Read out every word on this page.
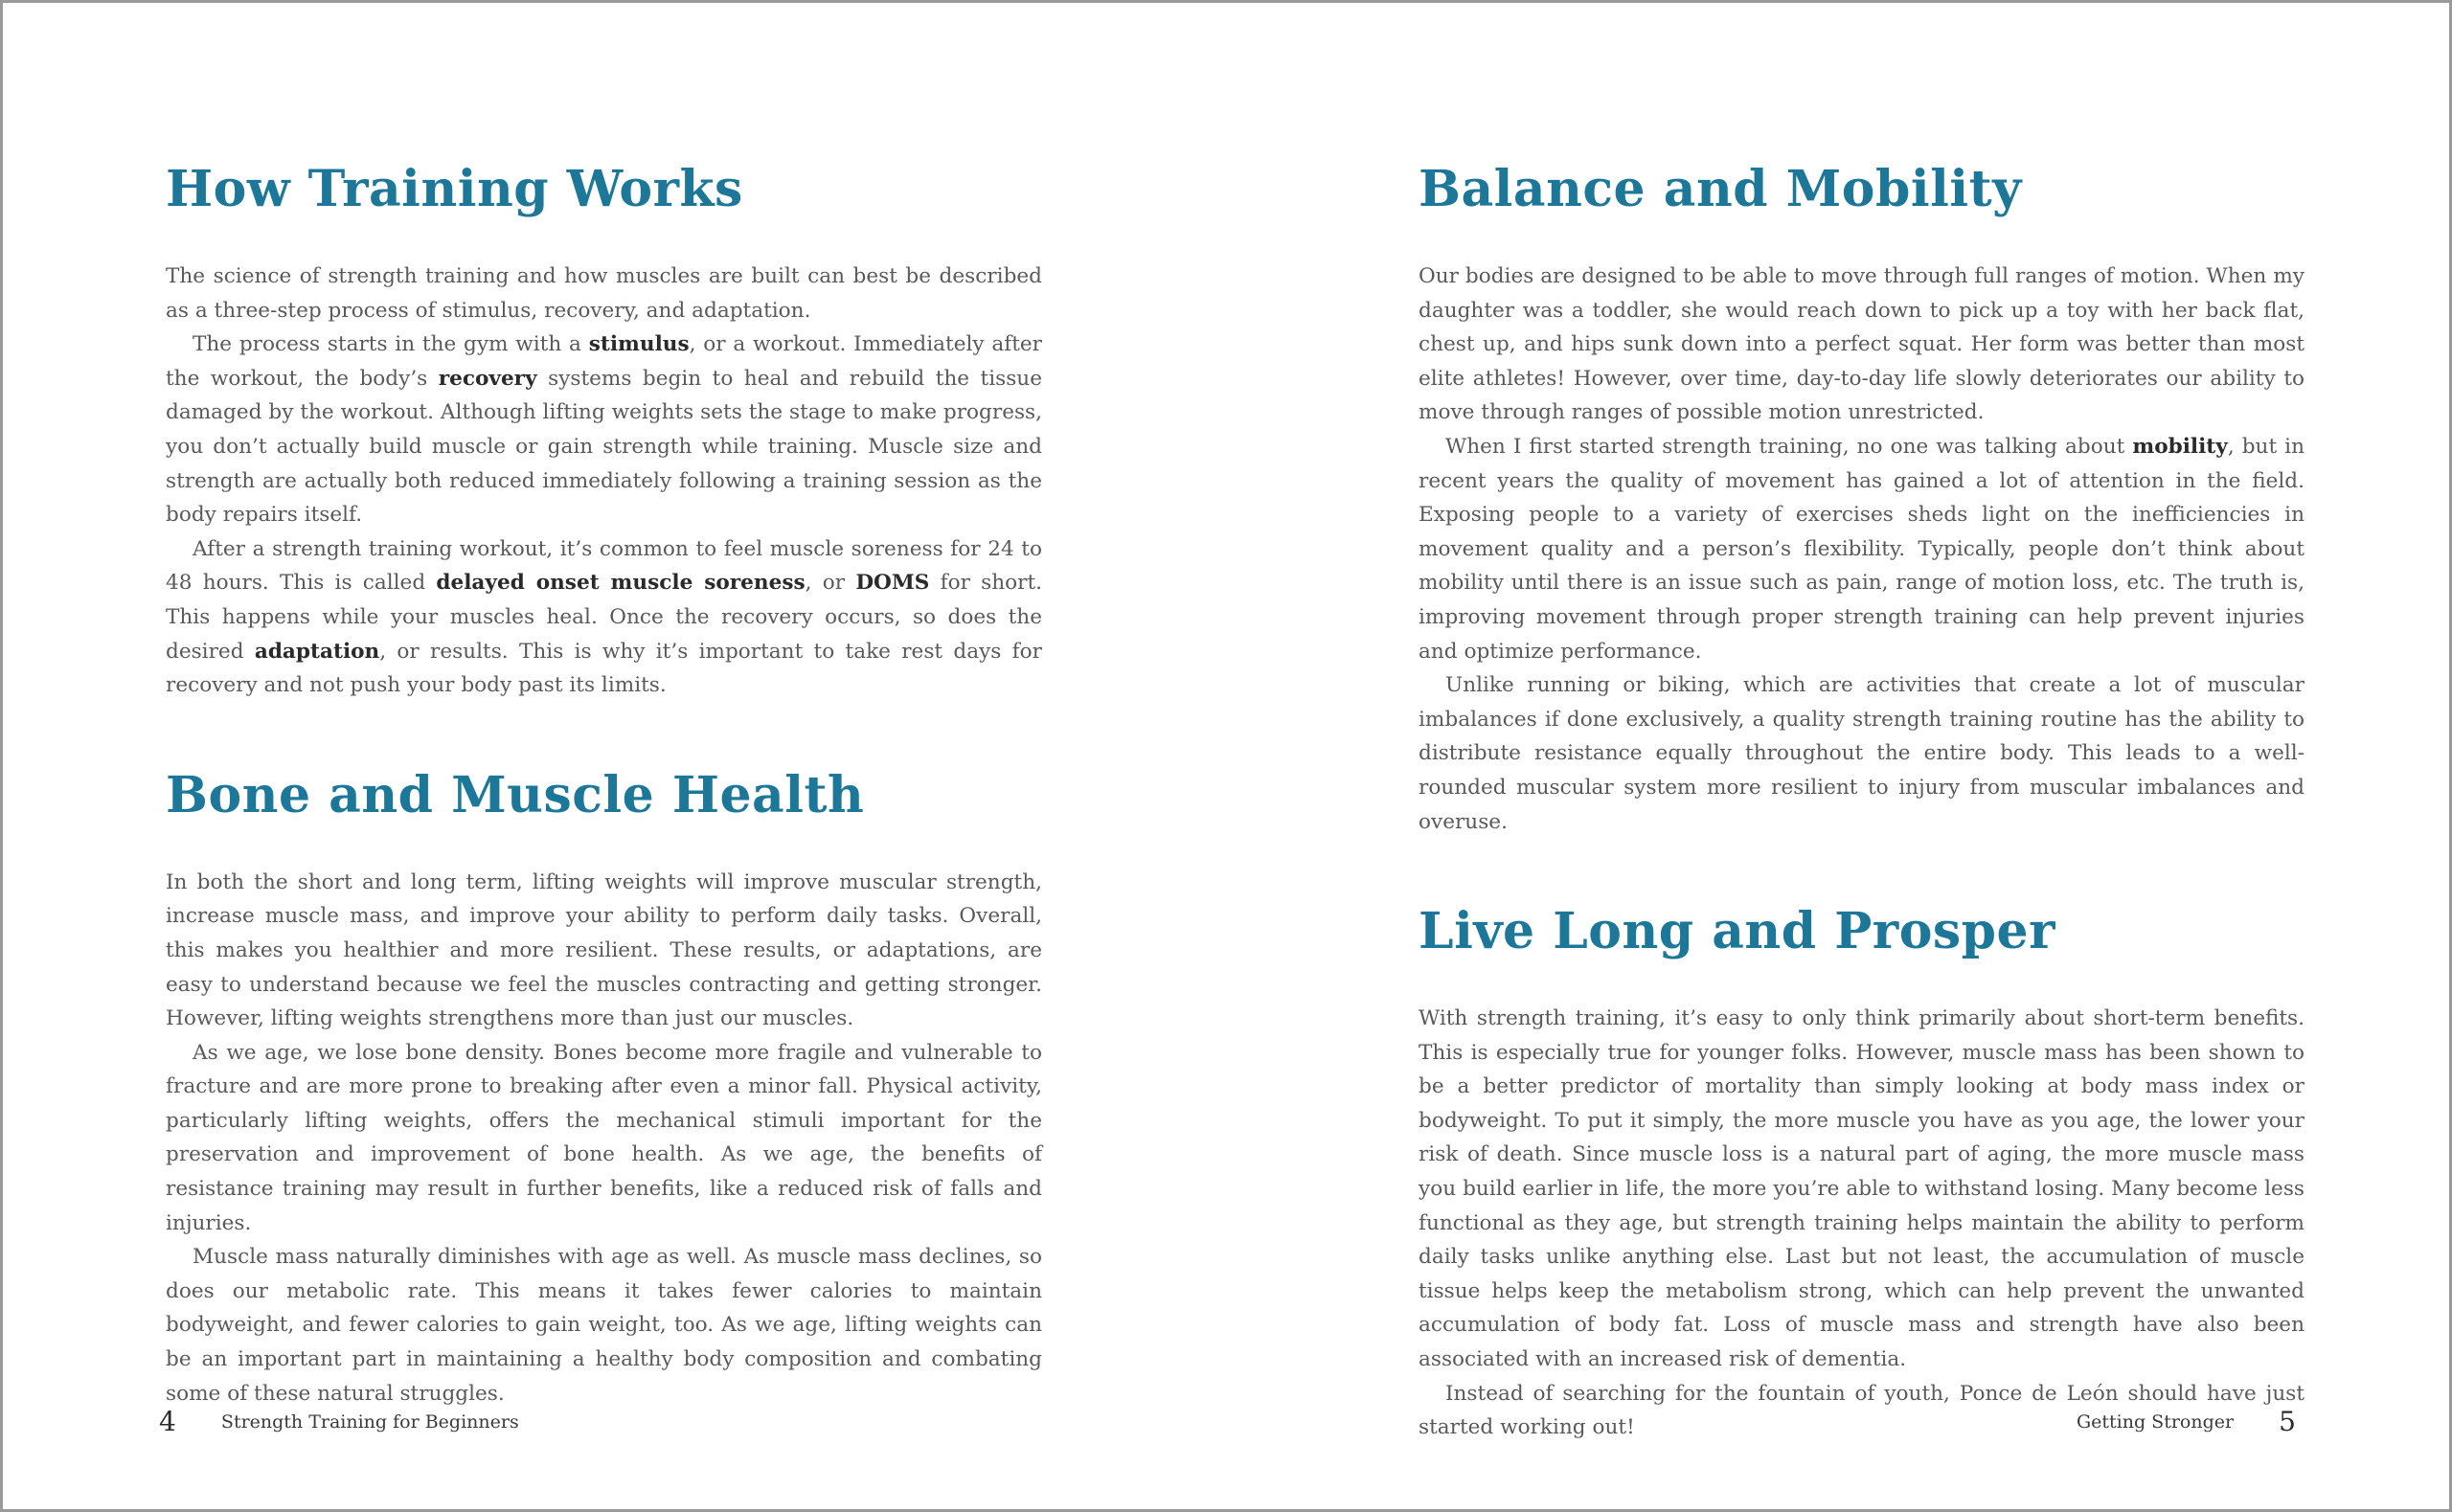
How Training Works

The science of strength training and how muscles are built can best be described as a three-step process of stimulus, recovery, and adaptation.

The process starts in the gym with a stimulus, or a workout. Immediately after the workout, the body’s recovery systems begin to heal and rebuild the tissue damaged by the workout. Although lifting weights sets the stage to make progress, you don’t actually build muscle or gain strength while training. Muscle size and strength are actually both reduced immediately following a training session as the body repairs itself.

After a strength training workout, it’s common to feel muscle soreness for 24 to 48 hours. This is called delayed onset muscle soreness, or DOMS for short. This happens while your muscles heal. Once the recovery occurs, so does the desired adaptation, or results. This is why it’s important to take rest days for recovery and not push your body past its limits.

Bone and Muscle Health

In both the short and long term, lifting weights will improve muscular strength, increase muscle mass, and improve your ability to perform daily tasks. Overall, this makes you healthier and more resilient. These results, or adaptations, are easy to understand because we feel the muscles contracting and getting stronger. However, lifting weights strengthens more than just our muscles.

As we age, we lose bone density. Bones become more fragile and vulnerable to fracture and are more prone to breaking after even a minor fall. Physical activity, particularly lifting weights, offers the mechanical stimuli important for the preservation and improvement of bone health. As we age, the benefits of resistance training may result in further benefits, like a reduced risk of falls and injuries.

Muscle mass naturally diminishes with age as well. As muscle mass declines, so does our metabolic rate. This means it takes fewer calories to maintain bodyweight, and fewer calories to gain weight, too. As we age, lifting weights can be an important part in maintaining a healthy body composition and combating some of these natural struggles.

Balance and Mobility

Our bodies are designed to be able to move through full ranges of motion. When my daughter was a toddler, she would reach down to pick up a toy with her back flat, chest up, and hips sunk down into a perfect squat. Her form was better than most elite athletes! However, over time, day-to-day life slowly deteriorates our ability to move through ranges of possible motion unrestricted.

When I first started strength training, no one was talking about mobility, but in recent years the quality of movement has gained a lot of attention in the field. Exposing people to a variety of exercises sheds light on the inefficiencies in movement quality and a person’s flexibility. Typically, people don’t think about mobility until there is an issue such as pain, range of motion loss, etc. The truth is, improving movement through proper strength training can help prevent injuries and optimize performance.

Unlike running or biking, which are activities that create a lot of muscular imbalances if done exclusively, a quality strength training routine has the ability to distribute resistance equally throughout the entire body. This leads to a well-rounded muscular system more resilient to injury from muscular imbalances and overuse.

Live Long and Prosper

With strength training, it’s easy to only think primarily about short-term benefits. This is especially true for younger folks. However, muscle mass has been shown to be a better predictor of mortality than simply looking at body mass index or bodyweight. To put it simply, the more muscle you have as you age, the lower your risk of death. Since muscle loss is a natural part of aging, the more muscle mass you build earlier in life, the more you’re able to withstand losing. Many become less functional as they age, but strength training helps maintain the ability to perform daily tasks unlike anything else. Last but not least, the accumulation of muscle tissue helps keep the metabolism strong, which can help prevent the unwanted accumulation of body fat. Loss of muscle mass and strength have also been associated with an increased risk of dementia.

Instead of searching for the fountain of youth, Ponce de León should have just started working out!

4 Strength Training for Beginners	Getting Stronger 5
